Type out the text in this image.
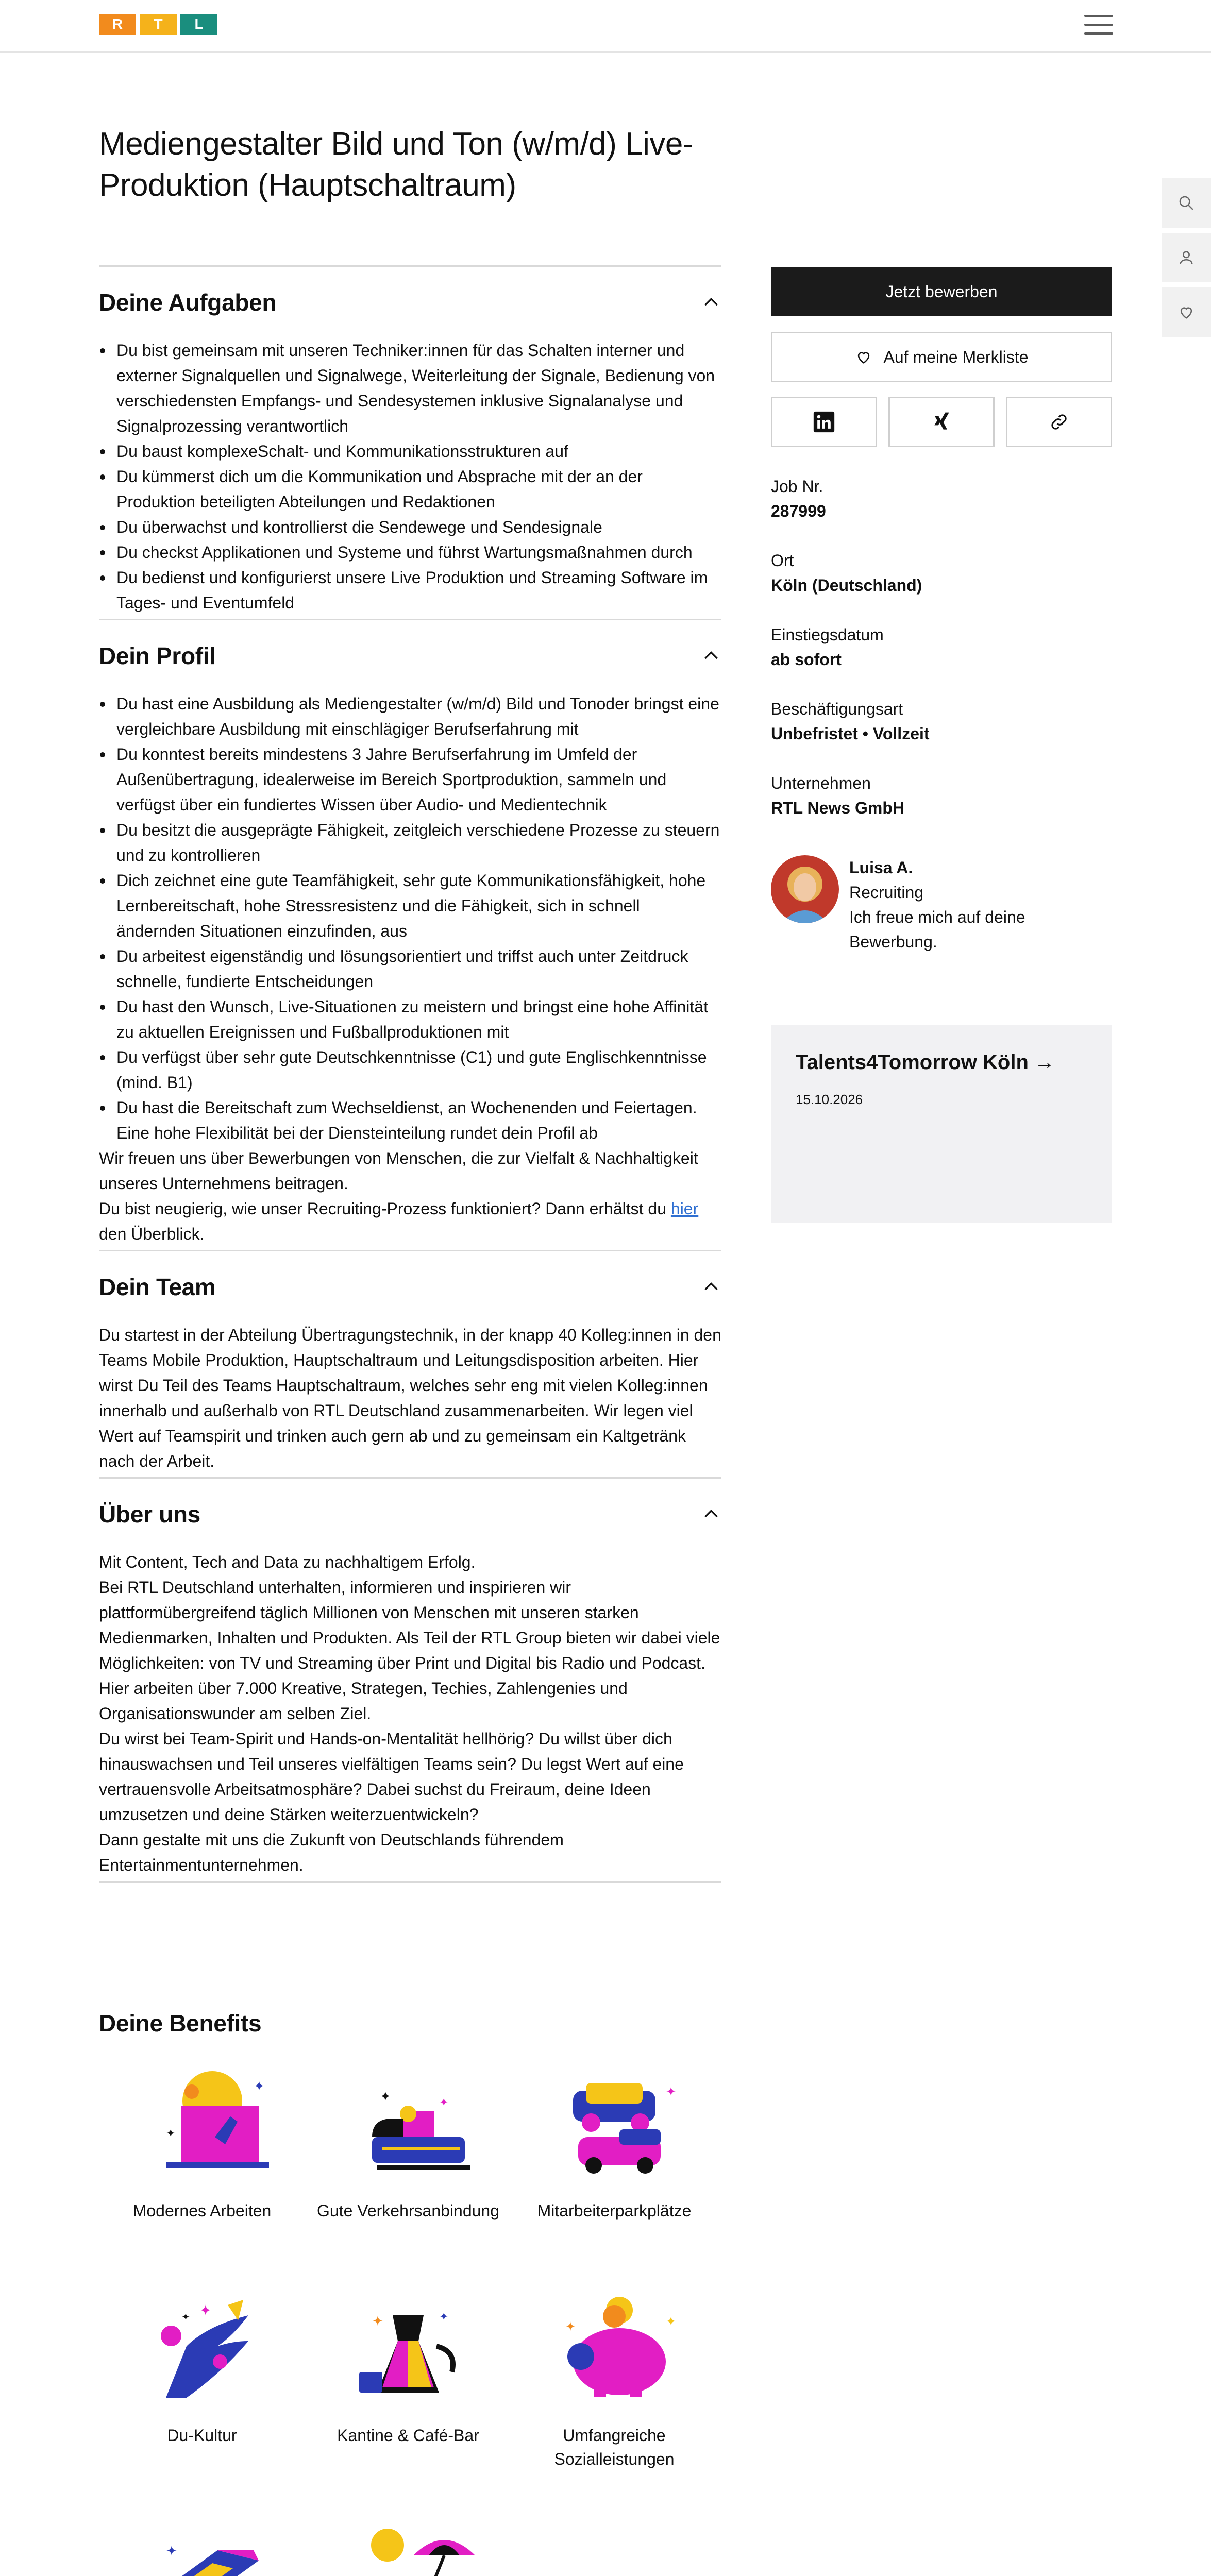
R	T	L
Mediengestalter Bild und Ton (w/m/d) Live-Produktion (Hauptschaltraum)
Deine Aufgaben
Du bist gemeinsam mit unseren Techniker:innen für das Schalten interner und externer Signalquellen und Signalwege, Weiterleitung der Signale, Bedienung von verschiedensten Empfangs- und Sendesystemen inklusive Signalanalyse und Signalprozessing verantwortlich
Du baust komplexeSchalt- und Kommunikationsstrukturen auf
Du kümmerst dich um die Kommunikation und Absprache mit der an der Produktion beteiligten Abteilungen und Redaktionen
Du überwachst und kontrollierst die Sendewege und Sendesignale
Du checkst Applikationen und Systeme und führst Wartungsmaßnahmen durch
Du bedienst und konfigurierst unsere Live Produktion und Streaming Software im Tages- und Eventumfeld
Dein Profil
Du hast eine Ausbildung als Mediengestalter (w/m/d) Bild und Tonoder bringst eine vergleichbare Ausbildung mit einschlägiger Berufserfahrung mit
Du konntest bereits mindestens 3 Jahre Berufserfahrung im Umfeld der Außenübertragung, idealerweise im Bereich Sportproduktion, sammeln und verfügst über ein fundiertes Wissen über Audio- und Medientechnik
Du besitzt die ausgeprägte Fähigkeit, zeitgleich verschiedene Prozesse zu steuern und zu kontrollieren
Dich zeichnet eine gute Teamfähigkeit, sehr gute Kommunikationsfähigkeit, hohe Lernbereitschaft, hohe Stressresistenz und die Fähigkeit, sich in schnell ändernden Situationen einzufinden, aus
Du arbeitest eigenständig und lösungsorientiert und triffst auch unter Zeitdruck schnelle, fundierte Entscheidungen
Du hast den Wunsch, Live-Situationen zu meistern und bringst eine hohe Affinität zu aktuellen Ereignissen und Fußballproduktionen mit
Du verfügst über sehr gute Deutschkenntnisse (C1) und gute Englischkenntnisse (mind. B1)
Du hast die Bereitschaft zum Wechseldienst, an Wochenenden und Feiertagen. Eine hohe Flexibilität bei der Diensteinteilung rundet dein Profil ab

Wir freuen uns über Bewerbungen von Menschen, die zur Vielfalt & Nachhaltigkeit unseres Unternehmens beitragen.

Du bist neugierig, wie unser Recruiting-Prozess funktioniert? Dann erhältst du hier den Überblick.

Dein Team

Du startest in der Abteilung Übertragungstechnik, in der knapp 40 Kolleg:innen in den Teams Mobile Produktion, Hauptschaltraum und Leitungsdisposition arbeiten. Hier wirst Du Teil des Teams Hauptschaltraum, welches sehr eng mit vielen Kolleg:innen innerhalb und außerhalb von RTL Deutschland zusammenarbeiten. Wir legen viel Wert auf Teamspirit und trinken auch gern ab und zu gemeinsam ein Kaltgetränk nach der Arbeit.

Über uns

Mit Content, Tech and Data zu nachhaltigem Erfolg.

Bei RTL Deutschland unterhalten, informieren und inspirieren wir plattformübergreifend täglich Millionen von Menschen mit unseren starken Medienmarken, Inhalten und Produkten. Als Teil der RTL Group bieten wir dabei viele Möglichkeiten: von TV und Streaming über Print und Digital bis Radio und Podcast. Hier arbeiten über 7.000 Kreative, Strategen, Techies, Zahlengenies und Organisationswunder am selben Ziel.

Du wirst bei Team-Spirit und Hands-on-Mentalität hellhörig? Du willst über dich hinauswachsen und Teil unseres vielfältigen Teams sein? Du legst Wert auf eine vertrauensvolle Arbeitsatmosphäre? Dabei suchst du Freiraum, deine Ideen umzusetzen und deine Stärken weiterzuentwickeln?

Dann gestalte mit uns die Zukunft von Deutschlands führendem Entertainmentunternehmen.

Deine Benefits
✦
✦
Modernes Arbeiten
✦	✦
Gute Verkehrsanbindung
✦
Mitarbeiterparkplätze
✦
✦
Du-Kultur
✦	✦
Kantine & Café-Bar
✦	✦
Umfangreiche Sozialleistungen
✦
Jetzt bewerben
Auf meine Merkliste
Job Nr.
287999
Ort
Köln (Deutschland)
Einstiegsdatum
ab sofort
Beschäftigungsart
Unbefristet • Vollzeit
Unternehmen
RTL News GmbH
Luisa A.
Recruiting
Ich freue mich auf deine Bewerbung.
Talents4Tomorrow Köln →
15.10.2026
